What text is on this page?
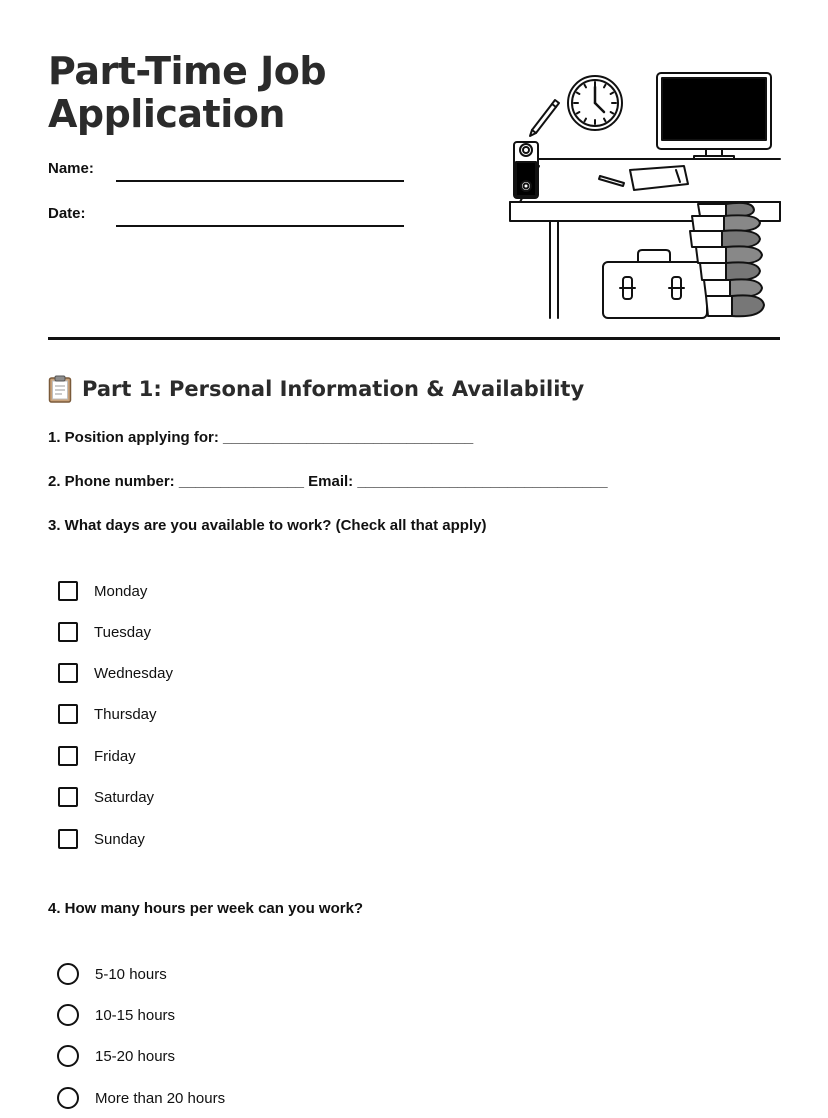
Part-Time Job
Application
Name:
Date:
Part 1: Personal Information & Availability
1. Position applying for: ______________________________
2. Phone number: _______________ Email: ______________________________
3. What days are you available to work? (Check all that apply)
Monday
Tuesday
Wednesday
Thursday
Friday
Saturday
Sunday
4. How many hours per week can you work?
5-10 hours
10-15 hours
15-20 hours
More than 20 hours
